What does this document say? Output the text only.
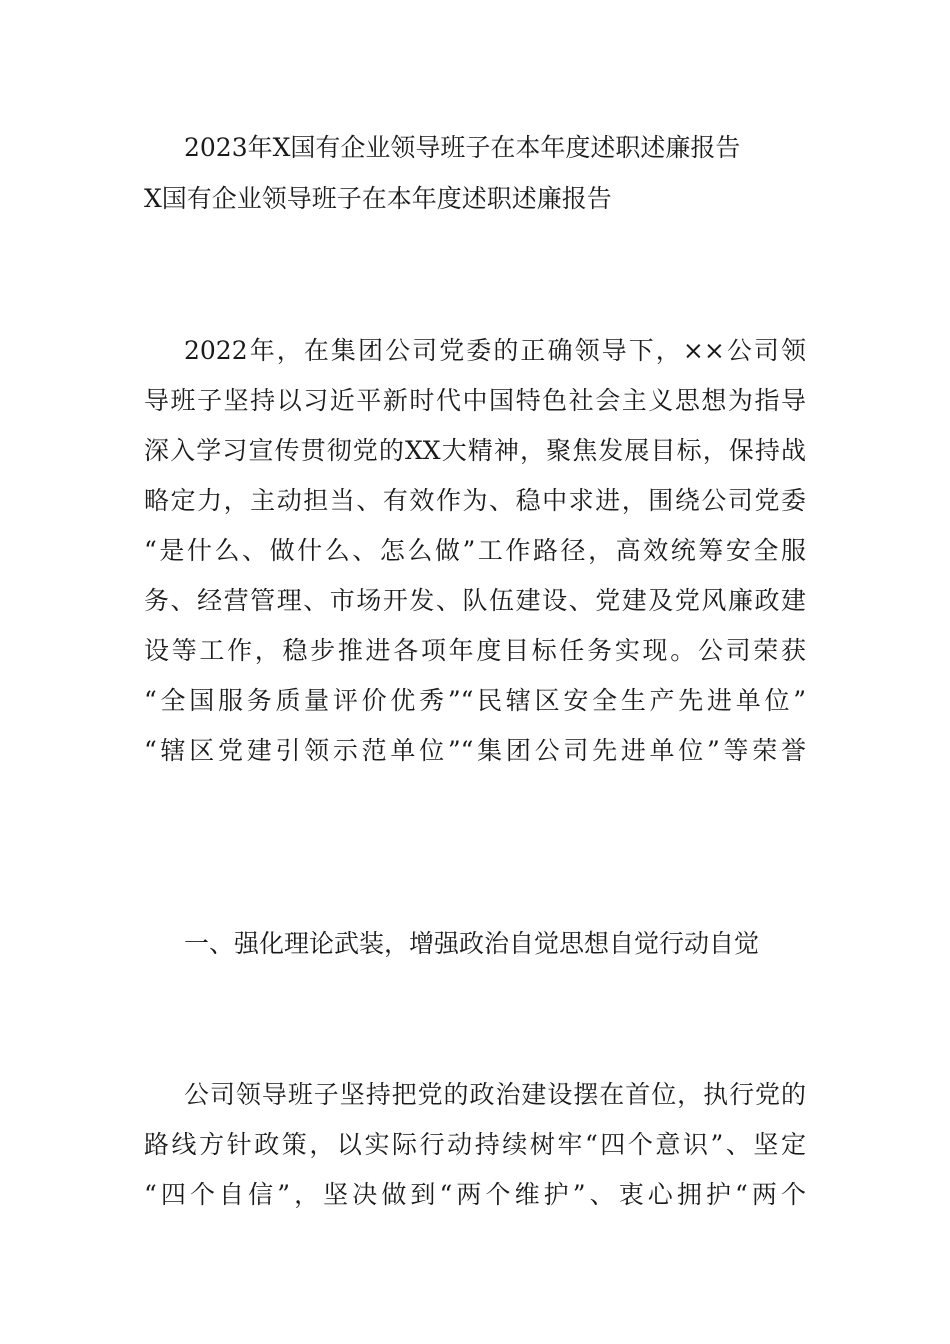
2023年X国有企业领导班子在本年度述职述廉报告
X国有企业领导班子在本年度述职述廉报告
2022年，在集团公司党委的正确领导下，××公司领
导班子坚持以习近平新时代中国特色社会主义思想为指导
深入学习宣传贯彻党的XX大精神，聚焦发展目标，保持战
略定力，主动担当、有效作为、稳中求进，围绕公司党委
“是什么、做什么、怎么做”工作路径，高效统筹安全服
务、经营管理、市场开发、队伍建设、党建及党风廉政建
设等工作，稳步推进各项年度目标任务实现。公司荣获
“全国服务质量评价优秀”“民辖区安全生产先进单位”
“辖区党建引领示范单位”“集团公司先进单位”等荣誉
一、强化理论武装，增强政治自觉思想自觉行动自觉
公司领导班子坚持把党的政治建设摆在首位，执行党的
路线方针政策，以实际行动持续树牢“四个意识”、坚定
“四个自信”，坚决做到“两个维护”、衷心拥护“两个
